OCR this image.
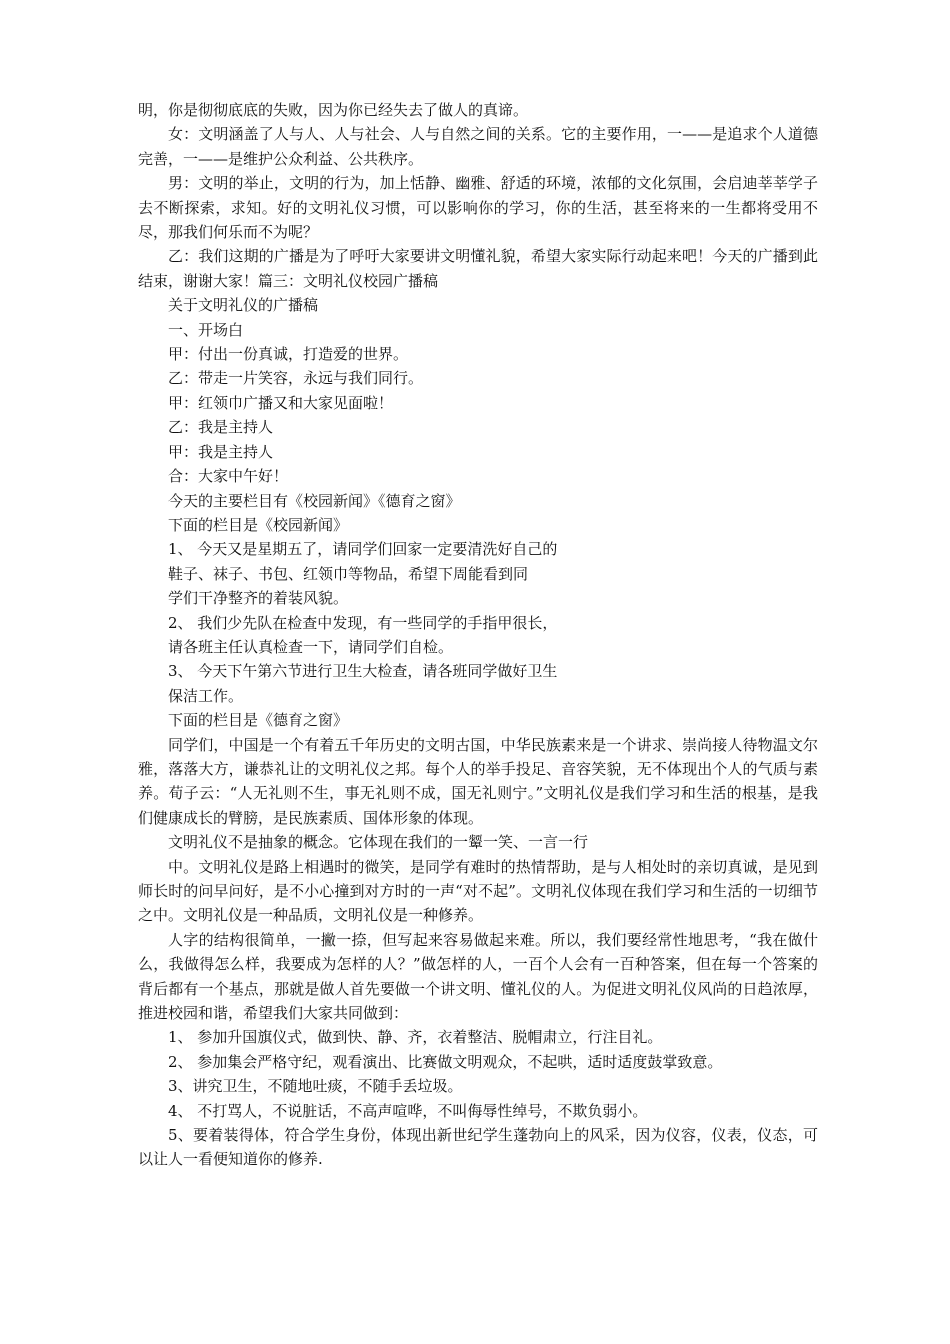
明，你是彻彻底底的失败，因为你已经失去了做人的真谛。

女：文明涵盖了人与人、人与社会、人与自然之间的关系。它的主要作用，一——是追求个人道德完善，一——是维护公众利益、公共秩序。

男：文明的举止，文明的行为，加上恬静、幽雅、舒适的环境，浓郁的文化氛围，会启迪莘莘学子去不断探索，求知。好的文明礼仪习惯，可以影响你的学习，你的生活，甚至将来的一生都将受用不尽，那我们何乐而不为呢？

乙：我们这期的广播是为了呼吁大家要讲文明懂礼貌，希望大家实际行动起来吧！今天的广播到此结束，谢谢大家！篇三：文明礼仪校园广播稿

关于文明礼仪的广播稿

一、开场白

甲：付出一份真诚，打造爱的世界。

乙：带走一片笑容，永远与我们同行。

甲：红领巾广播又和大家见面啦！

乙：我是主持人

甲：我是主持人

合：大家中午好！

今天的主要栏目有《校园新闻》《德育之窗》

下面的栏目是《校园新闻》

1、 今天又是星期五了，请同学们回家一定要清洗好自己的

鞋子、袜子、书包、红领巾等物品，希望下周能看到同

学们干净整齐的着装风貌。

2、 我们少先队在检查中发现，有一些同学的手指甲很长，

请各班主任认真检查一下，请同学们自检。

3、 今天下午第六节进行卫生大检查，请各班同学做好卫生

保洁工作。

下面的栏目是《德育之窗》

同学们，中国是一个有着五千年历史的文明古国，中华民族素来是一个讲求、崇尚接人待物温文尔雅，落落大方，谦恭礼让的文明礼仪之邦。每个人的举手投足、音容笑貌，无不体现出个人的气质与素养。荀子云：“人无礼则不生，事无礼则不成，国无礼则宁。”文明礼仪是我们学习和生活的根基，是我们健康成长的臂膀，是民族素质、国体形象的体现。

文明礼仪不是抽象的概念。它体现在我们的一颦一笑、一言一行

中。文明礼仪是路上相遇时的微笑，是同学有难时的热情帮助，是与人相处时的亲切真诚，是见到师长时的问早问好，是不小心撞到对方时的一声“对不起”。文明礼仪体现在我们学习和生活的一切细节之中。文明礼仪是一种品质，文明礼仪是一种修养。

人字的结构很简单，一撇一捺，但写起来容易做起来难。所以，我们要经常性地思考，“我在做什么，我做得怎么样，我要成为怎样的人？”做怎样的人，一百个人会有一百种答案，但在每一个答案的背后都有一个基点，那就是做人首先要做一个讲文明、懂礼仪的人。为促进文明礼仪风尚的日趋浓厚，推进校园和谐，希望我们大家共同做到：

1、 参加升国旗仪式，做到快、静、齐，衣着整洁、脱帽肃立，行注目礼。

2、 参加集会严格守纪，观看演出、比赛做文明观众，不起哄，适时适度鼓掌致意。

3、讲究卫生，不随地吐痰，不随手丢垃圾。

4、 不打骂人，不说脏话，不高声喧哗，不叫侮辱性绰号，不欺负弱小。

5、要着装得体，符合学生身份，体现出新世纪学生蓬勃向上的风采，因为仪容，仪表，仪态，可以让人一看便知道你的修养.
